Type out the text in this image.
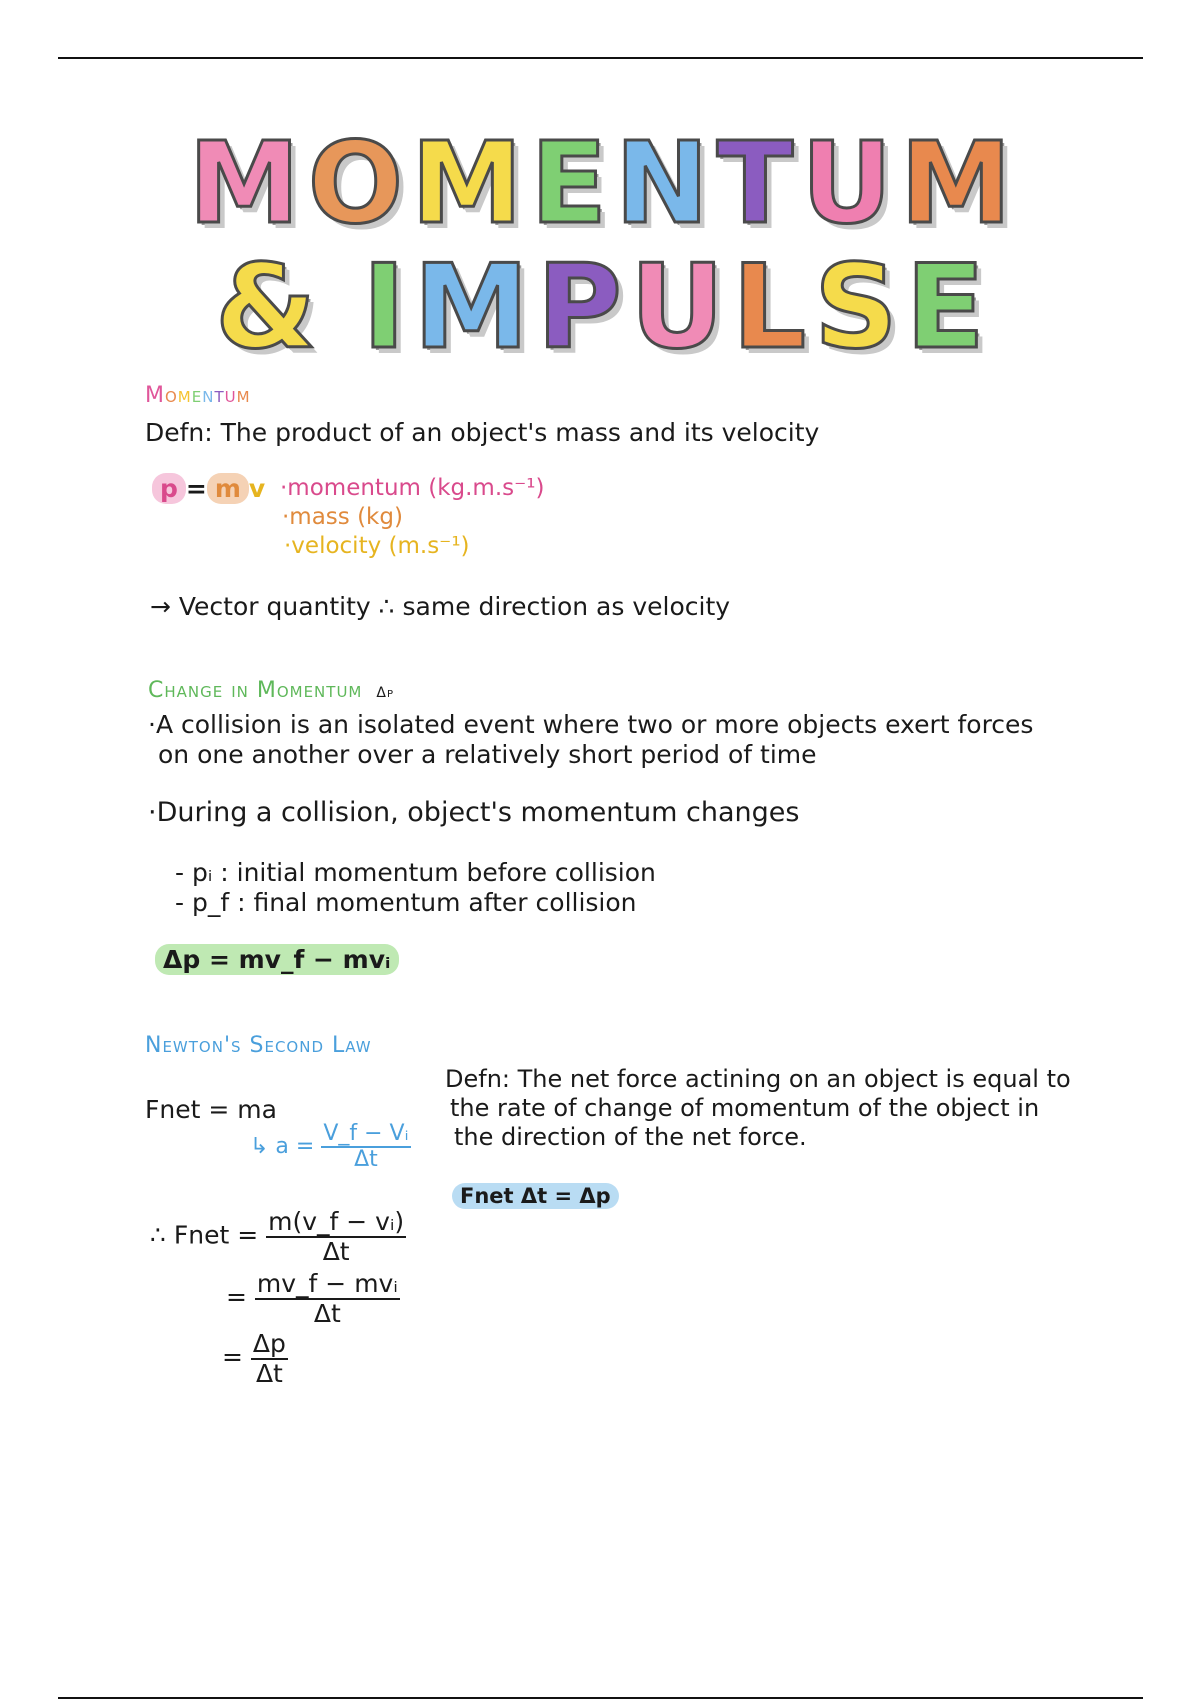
M O M E N T U M
& I M P U L S E
Momentum
Defn: The product of an object's mass and its velocity
p = m v ·momentum (kg.m.s⁻¹)
·mass (kg)
·velocity (m.s⁻¹)
→ Vector quantity ∴ same direction as velocity
Change in Momentum Δp
·A collision is an isolated event where two or more objects exert forces
on one another over a relatively short period of time
·During a collision, object's momentum changes
- pᵢ : initial momentum before collision
- p_f : final momentum after collision
Δp = mv_f − mvᵢ
Newton's Second Law
Fnet = ma
↳ $a = \frac{\text{V\_f − Vᵢ}}{\Delta t}$
∴ Fnet = $\frac{\text{m(v\_f − vᵢ)}}{\Delta t}$
= $\frac{\text{mv\_f − mvᵢ}}{\Delta t}$
= $\frac{\Delta p}{\Delta t}$
Defn: The net force actining on an object is equal to
the rate of change of momentum of the object in
the direction of the net force.
Fnet Δt = Δp
